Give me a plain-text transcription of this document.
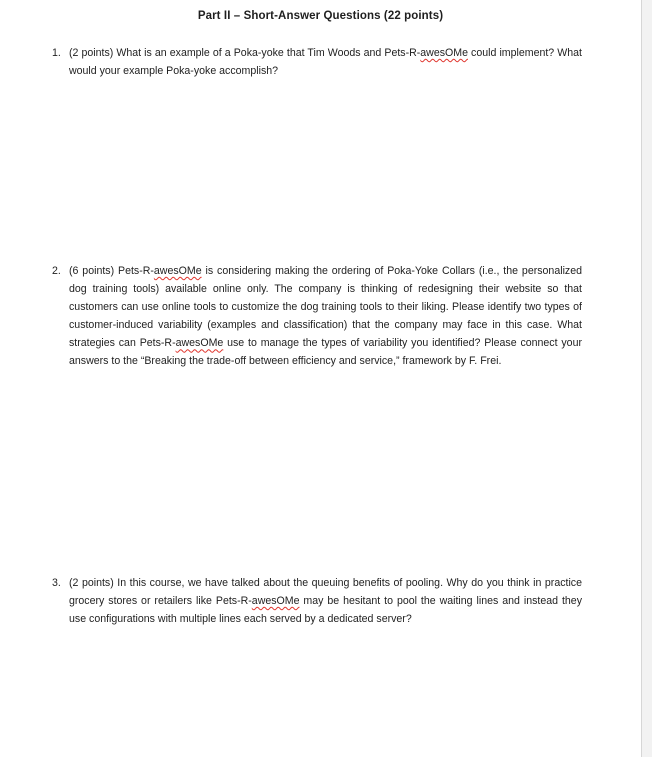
Part II – Short-Answer Questions (22 points)
1. (2 points) What is an example of a Poka-yoke that Tim Woods and Pets-R-awesOMe could implement? What would your example Poka-yoke accomplish?
2. (6 points) Pets-R-awesOMe is considering making the ordering of Poka-Yoke Collars (i.e., the personalized dog training tools) available online only. The company is thinking of redesigning their website so that customers can use online tools to customize the dog training tools to their liking. Please identify two types of customer-induced variability (examples and classification) that the company may face in this case. What strategies can Pets-R-awesOMe use to manage the types of variability you identified? Please connect your answers to the “Breaking the trade-off between efficiency and service,” framework by F. Frei.
3. (2 points) In this course, we have talked about the queuing benefits of pooling. Why do you think in practice grocery stores or retailers like Pets-R-awesOMe may be hesitant to pool the waiting lines and instead they use configurations with multiple lines each served by a dedicated server?
